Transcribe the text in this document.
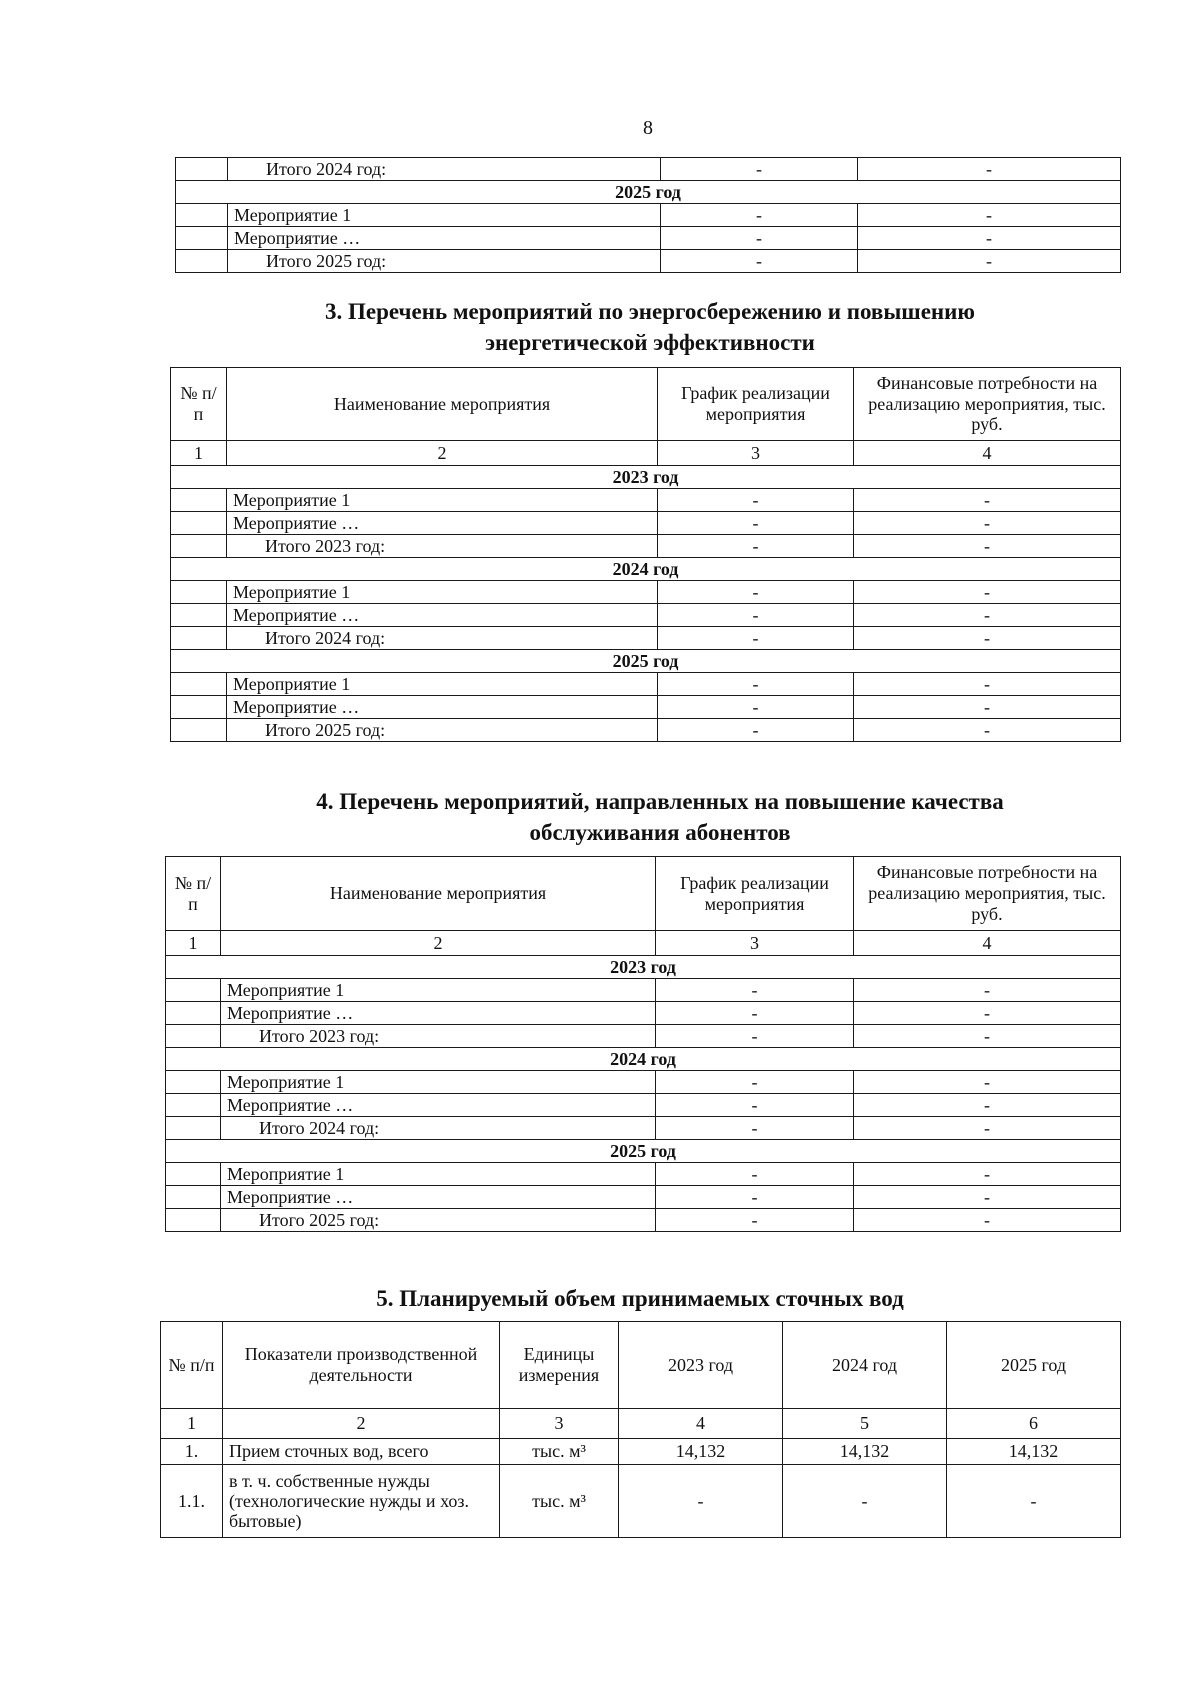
8
	Итого 2024 год:	-	-
2025 год			
	Мероприятие 1	-	-
	Мероприятие …	-	-
	Итого 2025 год:	-	-
3. Перечень мероприятий по энергосбережению и повышению
энергетической эффективности
№ п/п	Наименование мероприятия	График реализации мероприятия	Финансовые потребности на реализацию мероприятия, тыс. руб.
1	2	3	4
2023 год			
	Мероприятие 1	-	-
	Мероприятие …	-	-
	Итого 2023 год:	-	-
2024 год			
	Мероприятие 1	-	-
	Мероприятие …	-	-
	Итого 2024 год:	-	-
2025 год			
	Мероприятие 1	-	-
	Мероприятие …	-	-
	Итого 2025 год:	-	-
4. Перечень мероприятий, направленных на повышение качества
обслуживания абонентов
№ п/п	Наименование мероприятия	График реализации мероприятия	Финансовые потребности на реализацию мероприятия, тыс. руб.
1	2	3	4
2023 год			
	Мероприятие 1	-	-
	Мероприятие …	-	-
	Итого 2023 год:	-	-
2024 год			
	Мероприятие 1	-	-
	Мероприятие …	-	-
	Итого 2024 год:	-	-
2025 год			
	Мероприятие 1	-	-
	Мероприятие …	-	-
	Итого 2025 год:	-	-
5. Планируемый объем принимаемых сточных вод
№ п/п	Показатели производственной деятельности	Единицы измерения	2023 год	2024 год	2025 год
1	2	3	4	5	6
1.	Прием сточных вод, всего	тыс. м³	14,132	14,132	14,132
1.1.	в т. ч. собственные нужды (технологические нужды и хоз. бытовые)	тыс. м³	-	-	-
